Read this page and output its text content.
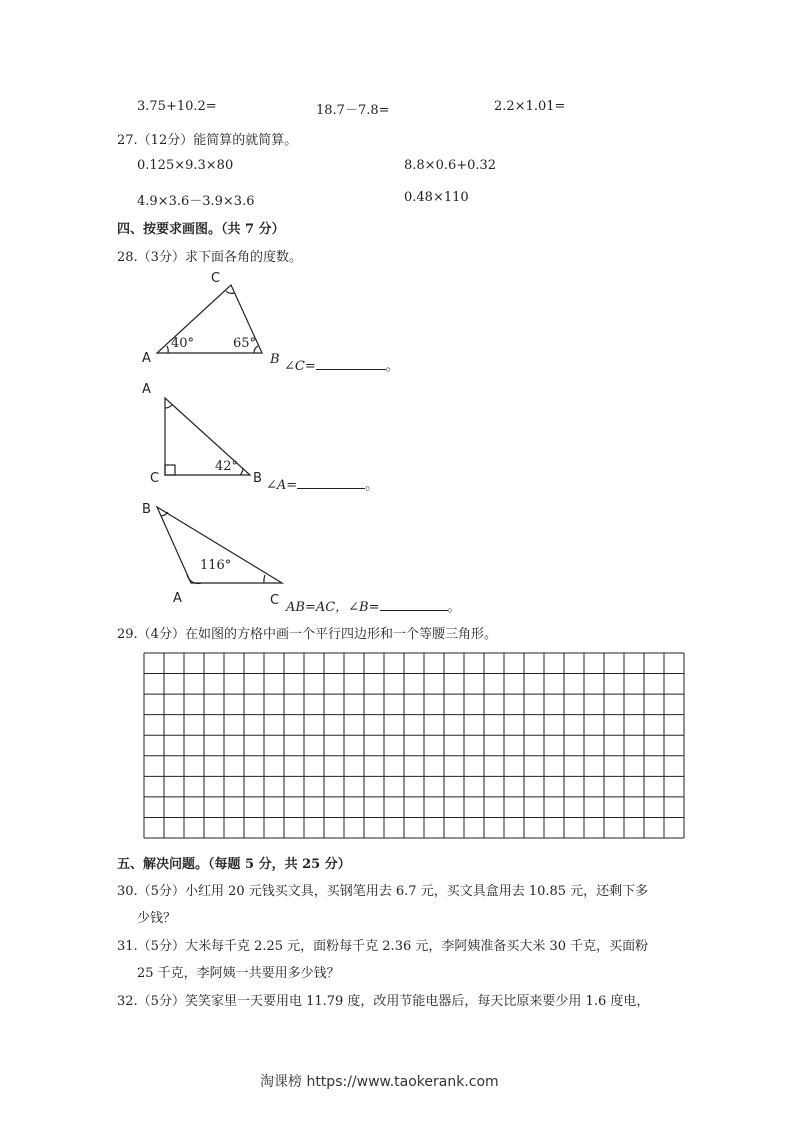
3.75+10.2=	18.7－7.8=	2.2×1.01=
27.（12分）能简算的就简算。
0.125×9.3×80	8.8×0.6+0.32
4.9×3.6－3.9×3.6	0.48×110
四、按要求画图。（共 7 分）
28.（3分）求下面各角的度数。
C
A	B
40°	65°
∠C=	。
A
C	B
42°
∠A=	。
B
A	C
116°
AB=AC，∠B=	。
29.（4分）在如图的方格中画一个平行四边形和一个等腰三角形。
五、解决问题。（每题 5 分，共 25 分）
30.（5分）小红用 20 元钱买文具，买钢笔用去 6.7 元，买文具盒用去 10.85 元，还剩下多
少钱？
31.（5分）大米每千克 2.25 元，面粉每千克 2.36 元，李阿姨准备买大米 30 千克，买面粉
25 千克，李阿姨一共要用多少钱？
32.（5分）笑笑家里一天要用电 11.79 度，改用节能电器后，每天比原来要少用 1.6 度电，
淘课榜 https://www.taokerank.com
